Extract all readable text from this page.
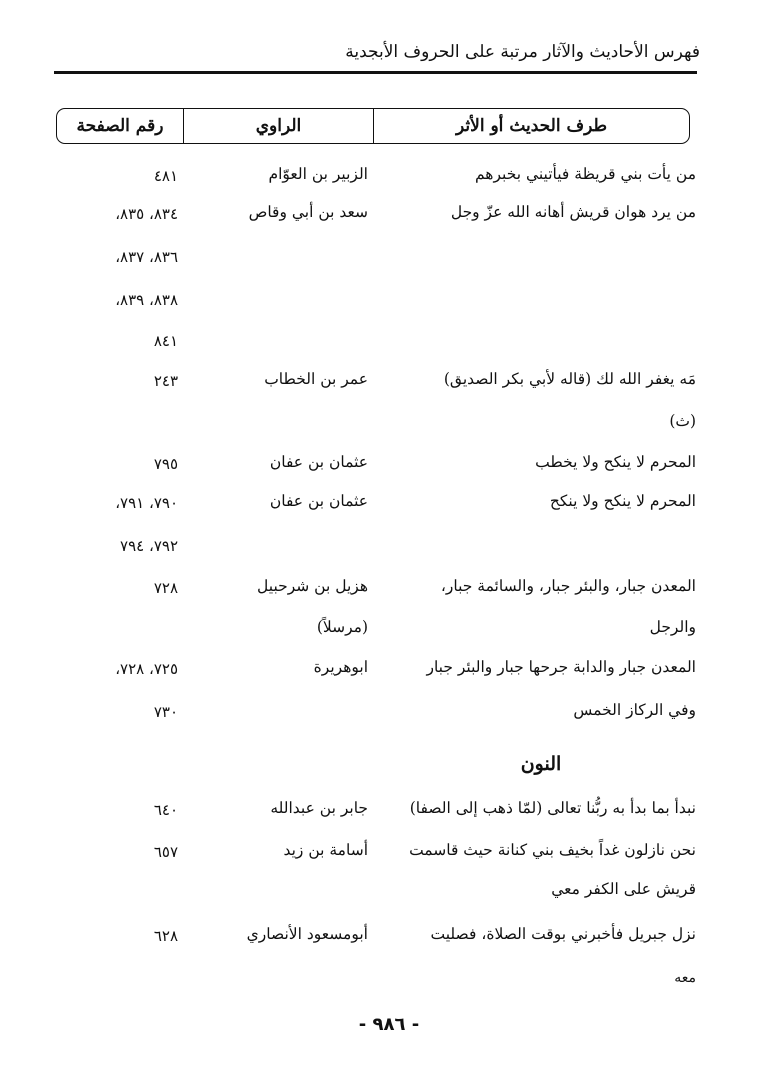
فهرس الأحاديث والآثار مرتبة على الحروف الأبجدية
طرف الحديث أو الأثر
الراوي
رقم الصفحة
من يأت بني قريظة فيأتيني بخبرهم
الزبير بن العوّام
٤٨١
من يرد هوان قريش أهانه الله عزّ وجل
سعد بن أبي وقاص
٨٣٤، ٨٣٥،
٨٣٦، ٨٣٧،
٨٣٨، ٨٣٩،
٨٤١
مَه يغفر الله لك (قاله لأبي بكر الصديق)
عمر بن الخطاب
٢٤٣
(ث)
المحرم لا ينكح ولا يخطب
عثمان بن عفان
٧٩٥
المحرم لا ينكح ولا ينكح
عثمان بن عفان
٧٩٠، ٧٩١،
٧٩٢، ٧٩٤
المعدن جبار، والبئر جبار، والسائمة جبار،
هزيل بن شرحبيل
٧٢٨
والرجل
(مرسلاً)
المعدن جبار والدابة جرحها جبار والبئر جبار
ابوهريرة
٧٢٥، ٧٢٨،
وفي الركاز الخمس
٧٣٠
النون
نبدأ بما بدأ به ربُّنا تعالى (لمّا ذهب إلى الصفا)
جابر بن عبدالله
٦٤٠
نحن نازلون غداً بخيف بني كنانة حيث قاسمت
أسامة بن زيد
٦٥٧
قريش على الكفر معي
نزل جبريل فأخبرني بوقت الصلاة، فصليت
أبومسعود الأنصاري
٦٢٨
معه
- ٩٨٦ -
